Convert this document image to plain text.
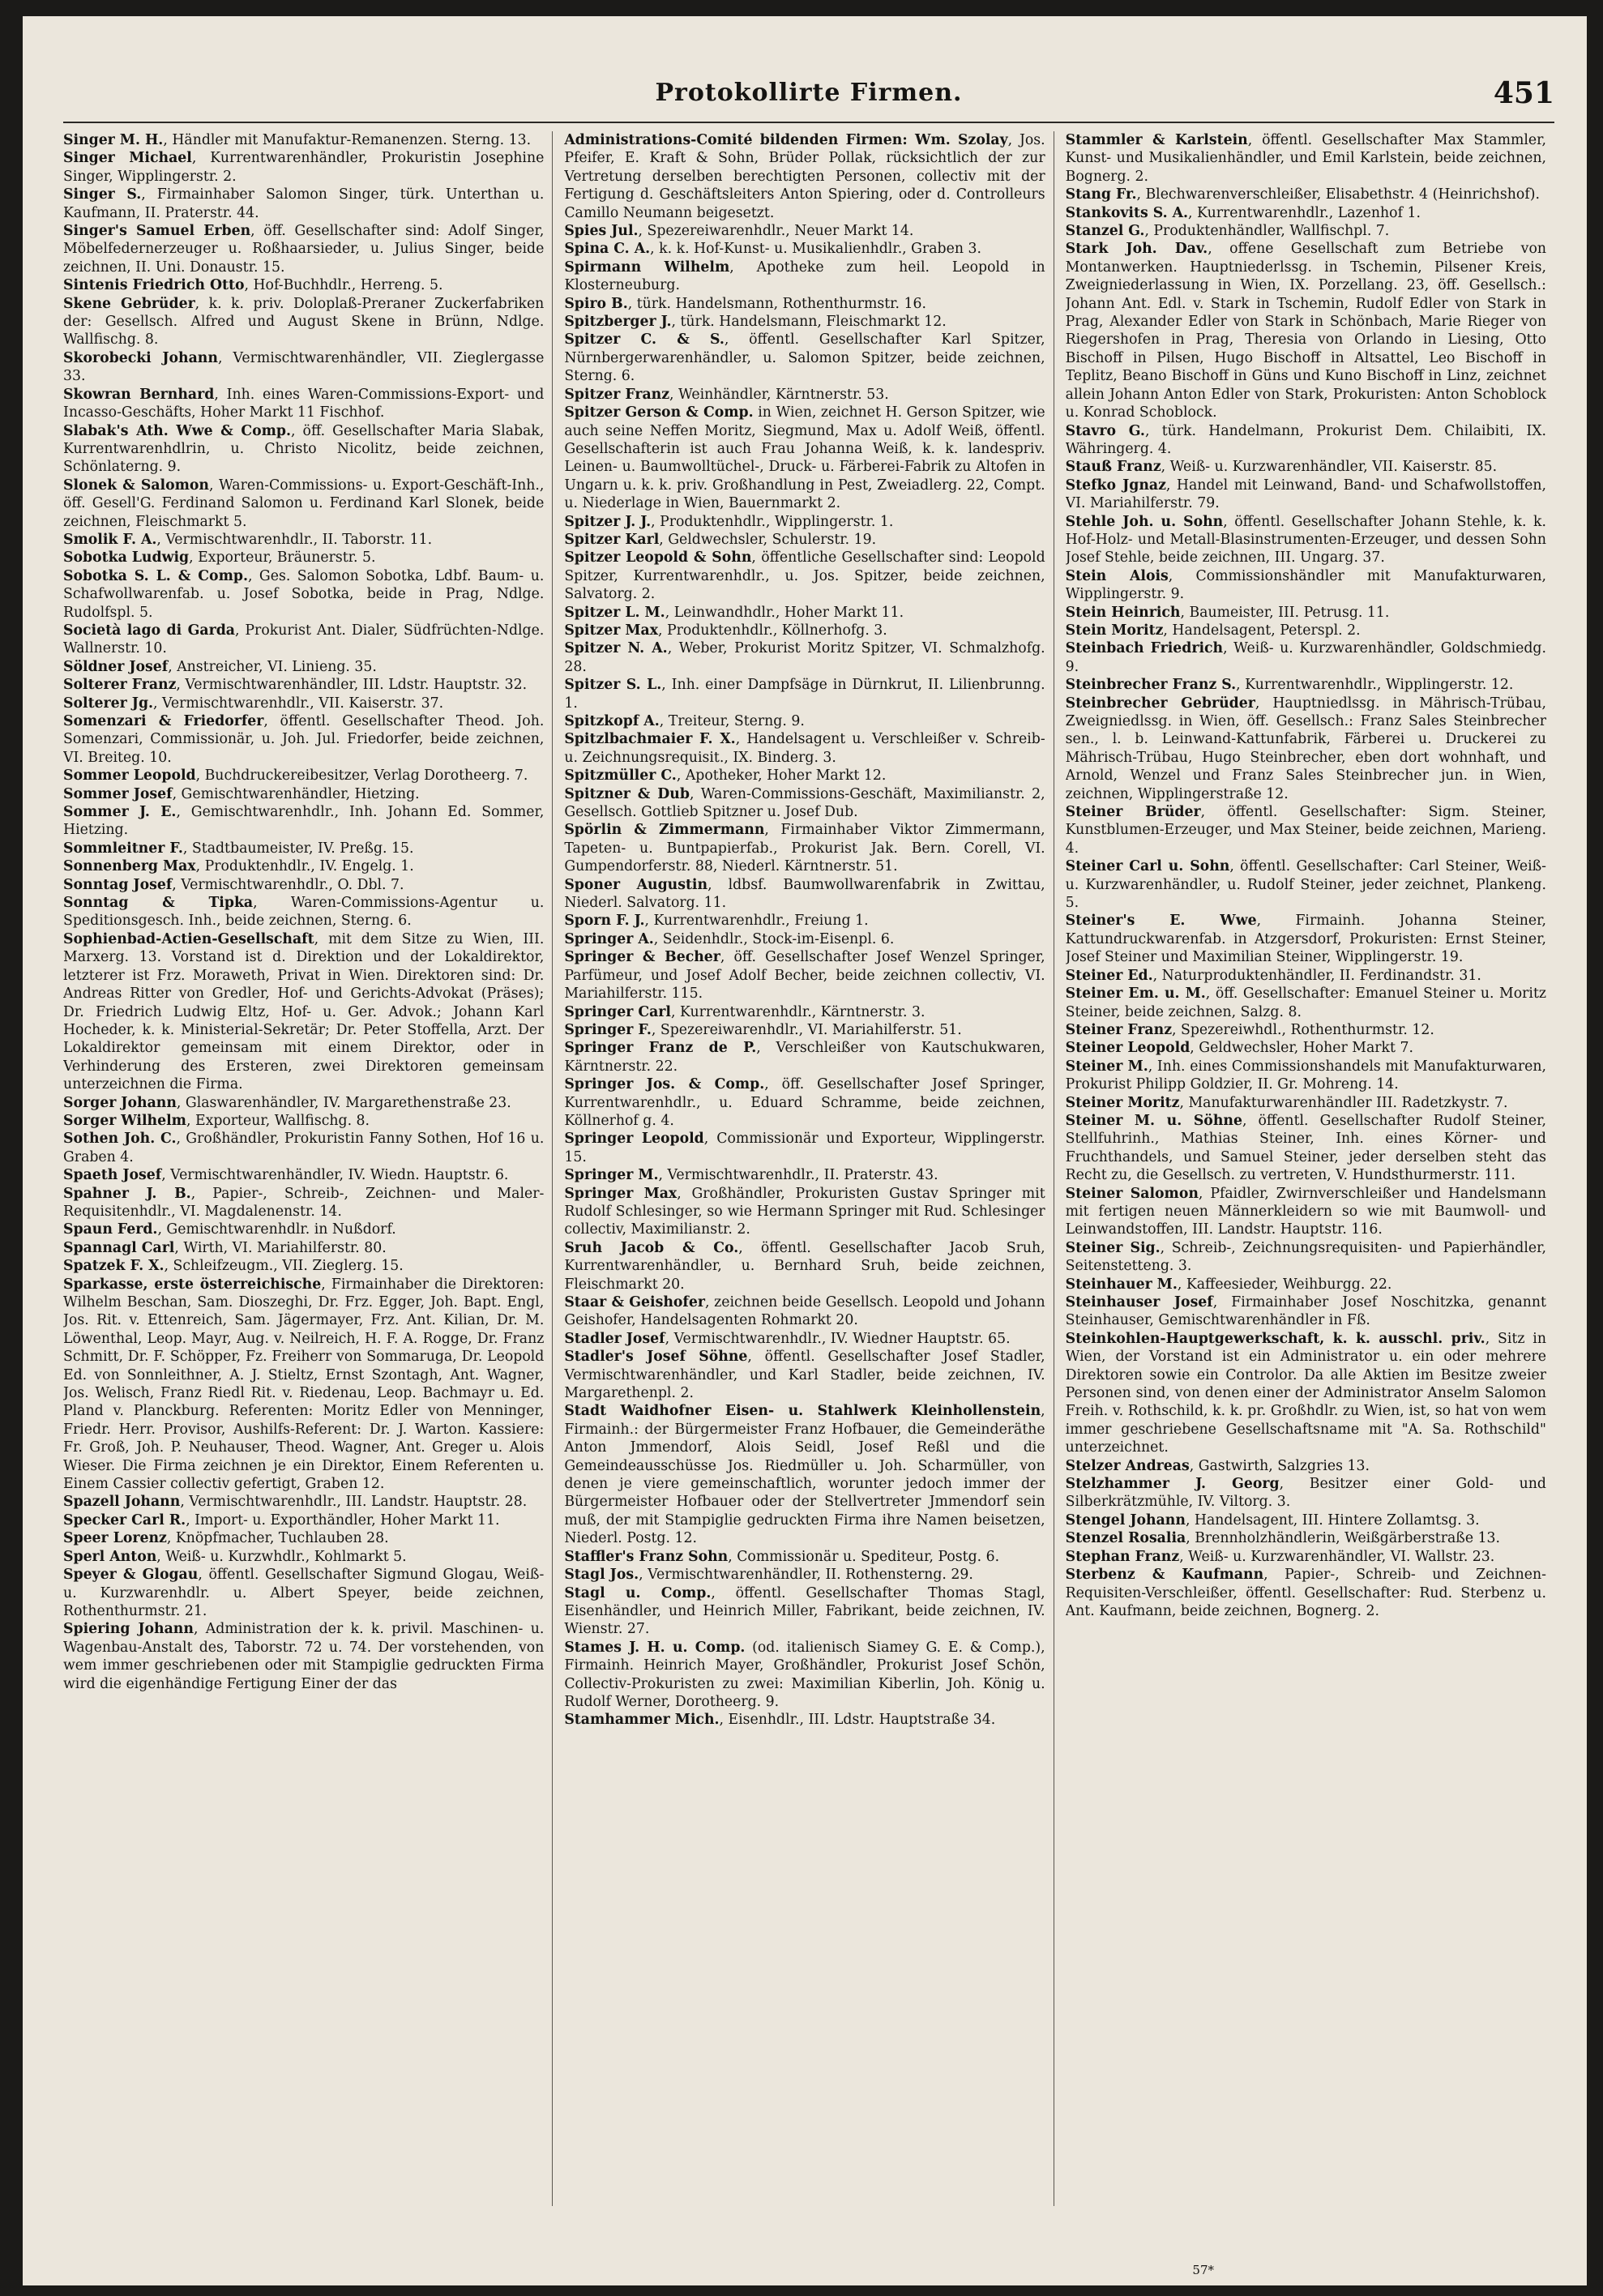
Protokollirte Firmen.	451

Singer M. H., Händler mit Manufaktur-Remanenzen. Sterng. 13.

Singer Michael, Kurrentwarenhändler, Prokuristin Josephine Singer, Wipplingerstr. 2.

Singer S., Firmainhaber Salomon Singer, türk. Unterthan u. Kaufmann, II. Praterstr. 44.

Singer's Samuel Erben, öff. Gesellschafter sind: Adolf Singer, Möbelfedernerzeuger u. Roßhaarsieder, u. Julius Singer, beide zeichnen, II. Uni. Donaustr. 15.

Sintenis Friedrich Otto, Hof-Buchhdlr., Herreng. 5.

Skene Gebrüder, k. k. priv. Doloplaß-Preraner Zuckerfabriken der: Gesellsch. Alfred und August Skene in Brünn, Ndlge. Wallfischg. 8.

Skorobecki Johann, Vermischtwarenhändler, VII. Zieglergasse 33.

Skowran Bernhard, Inh. eines Waren-Commissions-Export- und Incasso-Geschäfts, Hoher Markt 11 Fischhof.

Slabak's Ath. Wwe & Comp., öff. Gesellschafter Maria Slabak, Kurrentwarenhdlrin, u. Christo Nicolitz, beide zeichnen, Schönlaterng. 9.

Slonek & Salomon, Waren-Commissions- u. Export-Geschäft-Inh., öff. Gesell'G. Ferdinand Salomon u. Ferdinand Karl Slonek, beide zeichnen, Fleischmarkt 5.

Smolik F. A., Vermischtwarenhdlr., II. Taborstr. 11.

Sobotka Ludwig, Exporteur, Bräunerstr. 5.

Sobotka S. L. & Comp., Ges. Salomon Sobotka, Ldbf. Baum- u. Schafwollwarenfab. u. Josef Sobotka, beide in Prag, Ndlge. Rudolfspl. 5.

Società lago di Garda, Prokurist Ant. Dialer, Südfrüchten-Ndlge. Wallnerstr. 10.

Söldner Josef, Anstreicher, VI. Linieng. 35.

Solterer Franz, Vermischtwarenhändler, III. Ldstr. Hauptstr. 32.

Solterer Jg., Vermischtwarenhdlr., VII. Kaiserstr. 37.

Somenzari & Friedorfer, öffentl. Gesellschafter Theod. Joh. Somenzari, Commissionär, u. Joh. Jul. Friedorfer, beide zeichnen, VI. Breiteg. 10.

Sommer Leopold, Buchdruckereibesitzer, Verlag Dorotheerg. 7.

Sommer Josef, Gemischtwarenhändler, Hietzing.

Sommer J. E., Gemischtwarenhdlr., Inh. Johann Ed. Sommer, Hietzing.

Sommleitner F., Stadtbaumeister, IV. Preßg. 15.

Sonnenberg Max, Produktenhdlr., IV. Engelg. 1.

Sonntag Josef, Vermischtwarenhdlr., O. Dbl. 7.

Sonntag & Tipka, Waren-Commissions-Agentur u. Speditionsgesch. Inh., beide zeichnen, Sterng. 6.

Sophienbad-Actien-Gesellschaft, mit dem Sitze zu Wien, III. Marxerg. 13. Vorstand ist d. Direktion und der Lokaldirektor, letzterer ist Frz. Moraweth, Privat in Wien. Direktoren sind: Dr. Andreas Ritter von Gredler, Hof- und Gerichts-Advokat (Präses); Dr. Friedrich Ludwig Eltz, Hof- u. Ger. Advok.; Johann Karl Hocheder, k. k. Ministerial-Sekretär; Dr. Peter Stoffella, Arzt. Der Lokaldirektor gemeinsam mit einem Direktor, oder in Verhinderung des Ersteren, zwei Direktoren gemeinsam unterzeichnen die Firma.

Sorger Johann, Glaswarenhändler, IV. Margarethenstraße 23.

Sorger Wilhelm, Exporteur, Wallfischg. 8.

Sothen Joh. C., Großhändler, Prokuristin Fanny Sothen, Hof 16 u. Graben 4.

Spaeth Josef, Vermischtwarenhändler, IV. Wiedn. Hauptstr. 6.

Spahner J. B., Papier-, Schreib-, Zeichnen- und Maler-Requisitenhdlr., VI. Magdalenenstr. 14.

Spaun Ferd., Gemischtwarenhdlr. in Nußdorf.

Spannagl Carl, Wirth, VI. Mariahilferstr. 80.

Spatzek F. X., Schleifzeugm., VII. Zieglerg. 15.

Sparkasse, erste österreichische, Firmainhaber die Direktoren: Wilhelm Beschan, Sam. Dioszeghi, Dr. Frz. Egger, Joh. Bapt. Engl, Jos. Rit. v. Ettenreich, Sam. Jägermayer, Frz. Ant. Kilian, Dr. M. Löwenthal, Leop. Mayr, Aug. v. Neilreich, H. F. A. Rogge, Dr. Franz Schmitt, Dr. F. Schöpper, Fz. Freiherr von Sommaruga, Dr. Leopold Ed. von Sonnleithner, A. J. Stieltz, Ernst Szontagh, Ant. Wagner, Jos. Welisch, Franz Riedl Rit. v. Riedenau, Leop. Bachmayr u. Ed. Pland v. Planckburg. Referenten: Moritz Edler von Menninger, Friedr. Herr. Provisor, Aushilfs-Referent: Dr. J. Warton. Kassiere: Fr. Groß, Joh. P. Neuhauser, Theod. Wagner, Ant. Greger u. Alois Wieser. Die Firma zeichnen je ein Direktor, Einem Referenten u. Einem Cassier collectiv gefertigt, Graben 12.

Spazell Johann, Vermischtwarenhdlr., III. Landstr. Hauptstr. 28.

Specker Carl R., Import- u. Exporthändler, Hoher Markt 11.

Speer Lorenz, Knöpfmacher, Tuchlauben 28.

Sperl Anton, Weiß- u. Kurzwhdlr., Kohlmarkt 5.

Speyer & Glogau, öffentl. Gesellschafter Sigmund Glogau, Weiß- u. Kurzwarenhdlr. u. Albert Speyer, beide zeichnen, Rothenthurmstr. 21.

Spiering Johann, Administration der k. k. privil. Maschinen- u. Wagenbau-Anstalt des, Taborstr. 72 u. 74. Der vorstehenden, von wem immer geschriebenen oder mit Stampiglie gedruckten Firma wird die eigenhändige Fertigung Einer der das

Administrations-Comité bildenden Firmen: Wm. Szolay, Jos. Pfeifer, E. Kraft & Sohn, Brüder Pollak, rücksichtlich der zur Vertretung derselben berechtigten Personen, collectiv mit der Fertigung d. Geschäftsleiters Anton Spiering, oder d. Controlleurs Camillo Neumann beigesetzt.

Spies Jul., Spezereiwarenhdlr., Neuer Markt 14.

Spina C. A., k. k. Hof-Kunst- u. Musikalienhdlr., Graben 3.

Spirmann Wilhelm, Apotheke zum heil. Leopold in Klosterneuburg.

Spiro B., türk. Handelsmann, Rothenthurmstr. 16.

Spitzberger J., türk. Handelsmann, Fleischmarkt 12.

Spitzer C. & S., öffentl. Gesellschafter Karl Spitzer, Nürnbergerwarenhändler, u. Salomon Spitzer, beide zeichnen, Sterng. 6.

Spitzer Franz, Weinhändler, Kärntnerstr. 53.

Spitzer Gerson & Comp. in Wien, zeichnet H. Gerson Spitzer, wie auch seine Neffen Moritz, Siegmund, Max u. Adolf Weiß, öffentl. Gesellschafterin ist auch Frau Johanna Weiß, k. k. landespriv. Leinen- u. Baumwolltüchel-, Druck- u. Färberei-Fabrik zu Altofen in Ungarn u. k. k. priv. Großhandlung in Pest, Zweiadlerg. 22, Compt. u. Niederlage in Wien, Bauernmarkt 2.

Spitzer J. J., Produktenhdlr., Wipplingerstr. 1.

Spitzer Karl, Geldwechsler, Schulerstr. 19.

Spitzer Leopold & Sohn, öffentliche Gesellschafter sind: Leopold Spitzer, Kurrentwarenhdlr., u. Jos. Spitzer, beide zeichnen, Salvatorg. 2.

Spitzer L. M., Leinwandhdlr., Hoher Markt 11.

Spitzer Max, Produktenhdlr., Köllnerhofg. 3.

Spitzer N. A., Weber, Prokurist Moritz Spitzer, VI. Schmalzhofg. 28.

Spitzer S. L., Inh. einer Dampfsäge in Dürnkrut, II. Lilienbrunng. 1.

Spitzkopf A., Treiteur, Sterng. 9.

Spitzlbachmaier F. X., Handelsagent u. Verschleißer v. Schreib- u. Zeichnungsrequisit., IX. Binderg. 3.

Spitzmüller C., Apotheker, Hoher Markt 12.

Spitzner & Dub, Waren-Commissions-Geschäft, Maximilianstr. 2, Gesellsch. Gottlieb Spitzner u. Josef Dub.

Spörlin & Zimmermann, Firmainhaber Viktor Zimmermann, Tapeten- u. Buntpapierfab., Prokurist Jak. Bern. Corell, VI. Gumpendorferstr. 88, Niederl. Kärntnerstr. 51.

Sponer Augustin, ldbsf. Baumwollwarenfabrik in Zwittau, Niederl. Salvatorg. 11.

Sporn F. J., Kurrentwarenhdlr., Freiung 1.

Springer A., Seidenhdlr., Stock-im-Eisenpl. 6.

Springer & Becher, öff. Gesellschafter Josef Wenzel Springer, Parfümeur, und Josef Adolf Becher, beide zeichnen collectiv, VI. Mariahilferstr. 115.

Springer Carl, Kurrentwarenhdlr., Kärntnerstr. 3.

Springer F., Spezereiwarenhdlr., VI. Mariahilferstr. 51.

Springer Franz de P., Verschleißer von Kautschukwaren, Kärntnerstr. 22.

Springer Jos. & Comp., öff. Gesellschafter Josef Springer, Kurrentwarenhdlr., u. Eduard Schramme, beide zeichnen, Köllnerhof g. 4.

Springer Leopold, Commissionär und Exporteur, Wipplingerstr. 15.

Springer M., Vermischtwarenhdlr., II. Praterstr. 43.

Springer Max, Großhändler, Prokuristen Gustav Springer mit Rudolf Schlesinger, so wie Hermann Springer mit Rud. Schlesinger collectiv, Maximilianstr. 2.

Sruh Jacob & Co., öffentl. Gesellschafter Jacob Sruh, Kurrentwarenhändler, u. Bernhard Sruh, beide zeichnen, Fleischmarkt 20.

Staar & Geishofer, zeichnen beide Gesellsch. Leopold und Johann Geishofer, Handelsagenten Rohmarkt 20.

Stadler Josef, Vermischtwarenhdlr., IV. Wiedner Hauptstr. 65.

Stadler's Josef Söhne, öffentl. Gesellschafter Josef Stadler, Vermischtwarenhändler, und Karl Stadler, beide zeichnen, IV. Margarethenpl. 2.

Stadt Waidhofner Eisen- u. Stahlwerk Kleinhollenstein, Firmainh.: der Bürgermeister Franz Hofbauer, die Gemeinderäthe Anton Jmmendorf, Alois Seidl, Josef Reßl und die Gemeindeausschüsse Jos. Riedmüller u. Joh. Scharmüller, von denen je viere gemeinschaftlich, worunter jedoch immer der Bürgermeister Hofbauer oder der Stellvertreter Jmmendorf sein muß, der mit Stampiglie gedruckten Firma ihre Namen beisetzen, Niederl. Postg. 12.

Staffler's Franz Sohn, Commissionär u. Spediteur, Postg. 6.

Stagl Jos., Vermischtwarenhändler, II. Rothensterng. 29.

Stagl u. Comp., öffentl. Gesellschafter Thomas Stagl, Eisenhändler, und Heinrich Miller, Fabrikant, beide zeichnen, IV. Wienstr. 27.

Stames J. H. u. Comp. (od. italienisch Siamey G. E. & Comp.), Firmainh. Heinrich Mayer, Großhändler, Prokurist Josef Schön, Collectiv-Prokuristen zu zwei: Maximilian Kiberlin, Joh. König u. Rudolf Werner, Dorotheerg. 9.

Stamhammer Mich., Eisenhdlr., III. Ldstr. Hauptstraße 34.

Stammler & Karlstein, öffentl. Gesellschafter Max Stammler, Kunst- und Musikalienhändler, und Emil Karlstein, beide zeichnen, Bognerg. 2.

Stang Fr., Blechwarenverschleißer, Elisabethstr. 4 (Heinrichshof).

Stankovits S. A., Kurrentwarenhdlr., Lazenhof 1.

Stanzel G., Produktenhändler, Wallfischpl. 7.

Stark Joh. Dav., offene Gesellschaft zum Betriebe von Montanwerken. Hauptniederlssg. in Tschemin, Pilsener Kreis, Zweigniederlassung in Wien, IX. Porzellang. 23, öff. Gesellsch.: Johann Ant. Edl. v. Stark in Tschemin, Rudolf Edler von Stark in Prag, Alexander Edler von Stark in Schönbach, Marie Rieger von Riegershofen in Prag, Theresia von Orlando in Liesing, Otto Bischoff in Pilsen, Hugo Bischoff in Altsattel, Leo Bischoff in Teplitz, Beano Bischoff in Güns und Kuno Bischoff in Linz, zeichnet allein Johann Anton Edler von Stark, Prokuristen: Anton Schoblock u. Konrad Schoblock.

Stavro G., türk. Handelmann, Prokurist Dem. Chilaibiti, IX. Währingerg. 4.

Stauß Franz, Weiß- u. Kurzwarenhändler, VII. Kaiserstr. 85.

Stefko Jgnaz, Handel mit Leinwand, Band- und Schafwollstoffen, VI. Mariahilferstr. 79.

Stehle Joh. u. Sohn, öffentl. Gesellschafter Johann Stehle, k. k. Hof-Holz- und Metall-Blasinstrumenten-Erzeuger, und dessen Sohn Josef Stehle, beide zeichnen, III. Ungarg. 37.

Stein Alois, Commissionshändler mit Manufakturwaren, Wipplingerstr. 9.

Stein Heinrich, Baumeister, III. Petrusg. 11.

Stein Moritz, Handelsagent, Peterspl. 2.

Steinbach Friedrich, Weiß- u. Kurzwarenhändler, Goldschmiedg. 9.

Steinbrecher Franz S., Kurrentwarenhdlr., Wipplingerstr. 12.

Steinbrecher Gebrüder, Hauptniedlssg. in Mährisch-Trübau, Zweigniedlssg. in Wien, öff. Gesellsch.: Franz Sales Steinbrecher sen., l. b. Leinwand-Kattunfabrik, Färberei u. Druckerei zu Mährisch-Trübau, Hugo Steinbrecher, eben dort wohnhaft, und Arnold, Wenzel und Franz Sales Steinbrecher jun. in Wien, zeichnen, Wipplingerstraße 12.

Steiner Brüder, öffentl. Gesellschafter: Sigm. Steiner, Kunstblumen-Erzeuger, und Max Steiner, beide zeichnen, Marieng. 4.

Steiner Carl u. Sohn, öffentl. Gesellschafter: Carl Steiner, Weiß- u. Kurzwarenhändler, u. Rudolf Steiner, jeder zeichnet, Plankeng. 5.

Steiner's E. Wwe, Firmainh. Johanna Steiner, Kattundruckwarenfab. in Atzgersdorf, Prokuristen: Ernst Steiner, Josef Steiner und Maximilian Steiner, Wipplingerstr. 19.

Steiner Ed., Naturproduktenhändler, II. Ferdinandstr. 31.

Steiner Em. u. M., öff. Gesellschafter: Emanuel Steiner u. Moritz Steiner, beide zeichnen, Salzg. 8.

Steiner Franz, Spezereiwhdl., Rothenthurmstr. 12.

Steiner Leopold, Geldwechsler, Hoher Markt 7.

Steiner M., Inh. eines Commissionshandels mit Manufakturwaren, Prokurist Philipp Goldzier, II. Gr. Mohreng. 14.

Steiner Moritz, Manufakturwarenhändler III. Radetzkystr. 7.

Steiner M. u. Söhne, öffentl. Gesellschafter Rudolf Steiner, Stellfuhrinh., Mathias Steiner, Inh. eines Körner- und Fruchthandels, und Samuel Steiner, jeder derselben steht das Recht zu, die Gesellsch. zu vertreten, V. Hundsthurmerstr. 111.

Steiner Salomon, Pfaidler, Zwirnverschleißer und Handelsmann mit fertigen neuen Männerkleidern so wie mit Baumwoll- und Leinwandstoffen, III. Landstr. Hauptstr. 116.

Steiner Sig., Schreib-, Zeichnungsrequisiten- und Papierhändler, Seitenstetteng. 3.

Steinhauer M., Kaffeesieder, Weihburgg. 22.

Steinhauser Josef, Firmainhaber Josef Noschitzka, genannt Steinhauser, Gemischtwarenhändler in Fß.

Steinkohlen-Hauptgewerkschaft, k. k. ausschl. priv., Sitz in Wien, der Vorstand ist ein Administrator u. ein oder mehrere Direktoren sowie ein Controlor. Da alle Aktien im Besitze zweier Personen sind, von denen einer der Administrator Anselm Salomon Freih. v. Rothschild, k. k. pr. Großhdlr. zu Wien, ist, so hat von wem immer geschriebene Gesellschaftsname mit "A. Sa. Rothschild" unterzeichnet.

Stelzer Andreas, Gastwirth, Salzgries 13.

Stelzhammer J. Georg, Besitzer einer Gold- und Silberkrätzmühle, IV. Viltorg. 3.

Stengel Johann, Handelsagent, III. Hintere Zollamtsg. 3.

Stenzel Rosalia, Brennholzhändlerin, Weißgärberstraße 13.

Stephan Franz, Weiß- u. Kurzwarenhändler, VI. Wallstr. 23.

Sterbenz & Kaufmann, Papier-, Schreib- und Zeichnen-Requisiten-Verschleißer, öffentl. Gesellschafter: Rud. Sterbenz u. Ant. Kaufmann, beide zeichnen, Bognerg. 2.

57*
